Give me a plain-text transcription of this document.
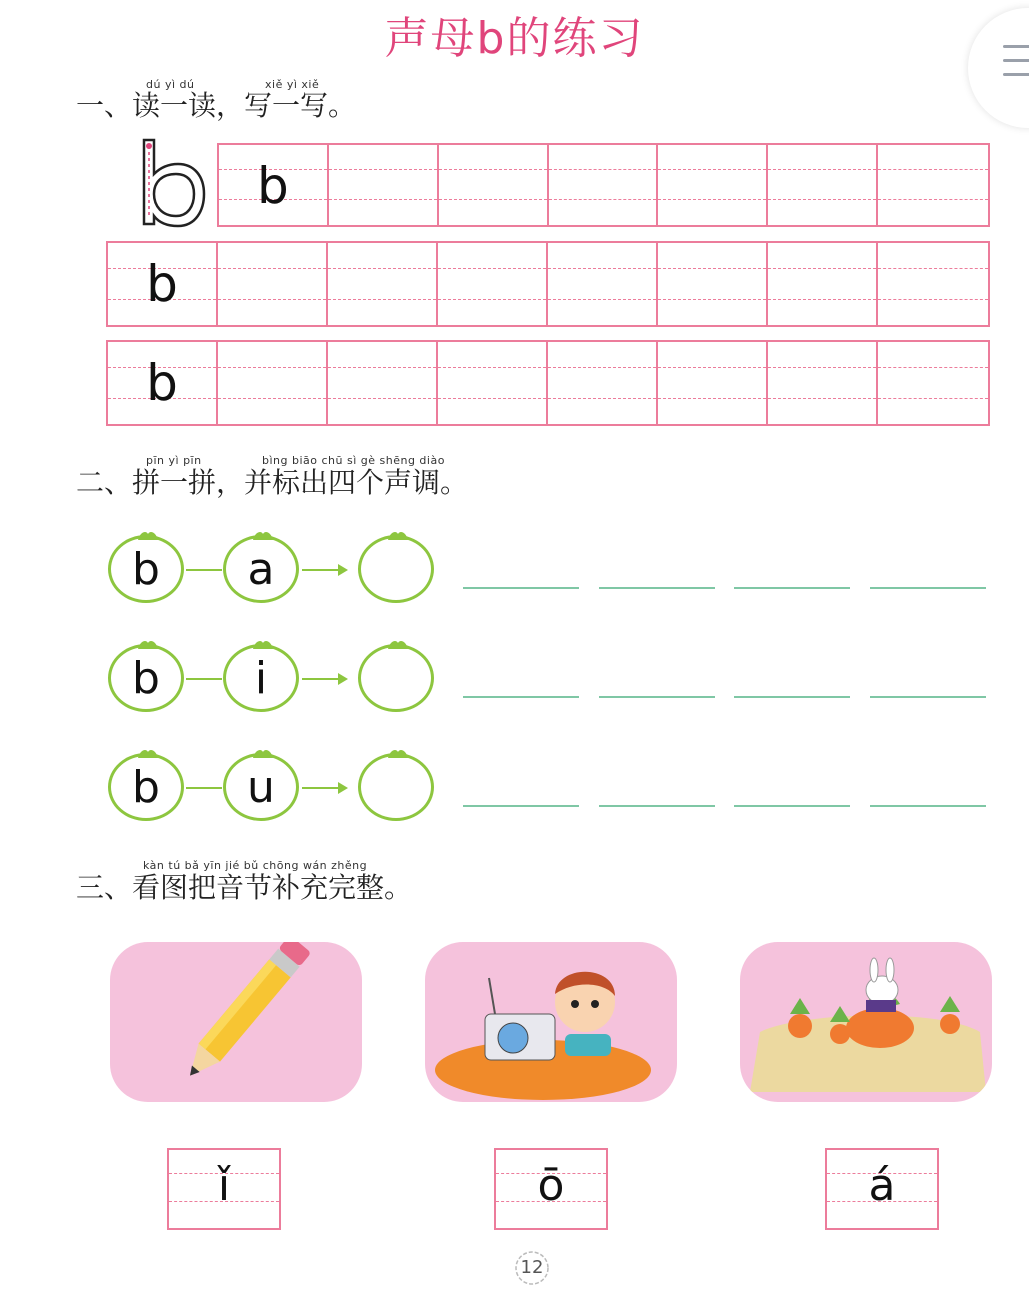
声母b的练习
dú yì dú	xiě yì xiě
一、读一读，写一写。
b
b
b
pīn yì pīn	bìng biāo chū sì gè shēng diào
二、拼一拼，并标出四个声调。
b	a
b	i
b	u
kàn tú bǎ yīn jié bǔ chōng wán zhěng
三、看图把音节补充完整。
ǐ	ō	á
12
